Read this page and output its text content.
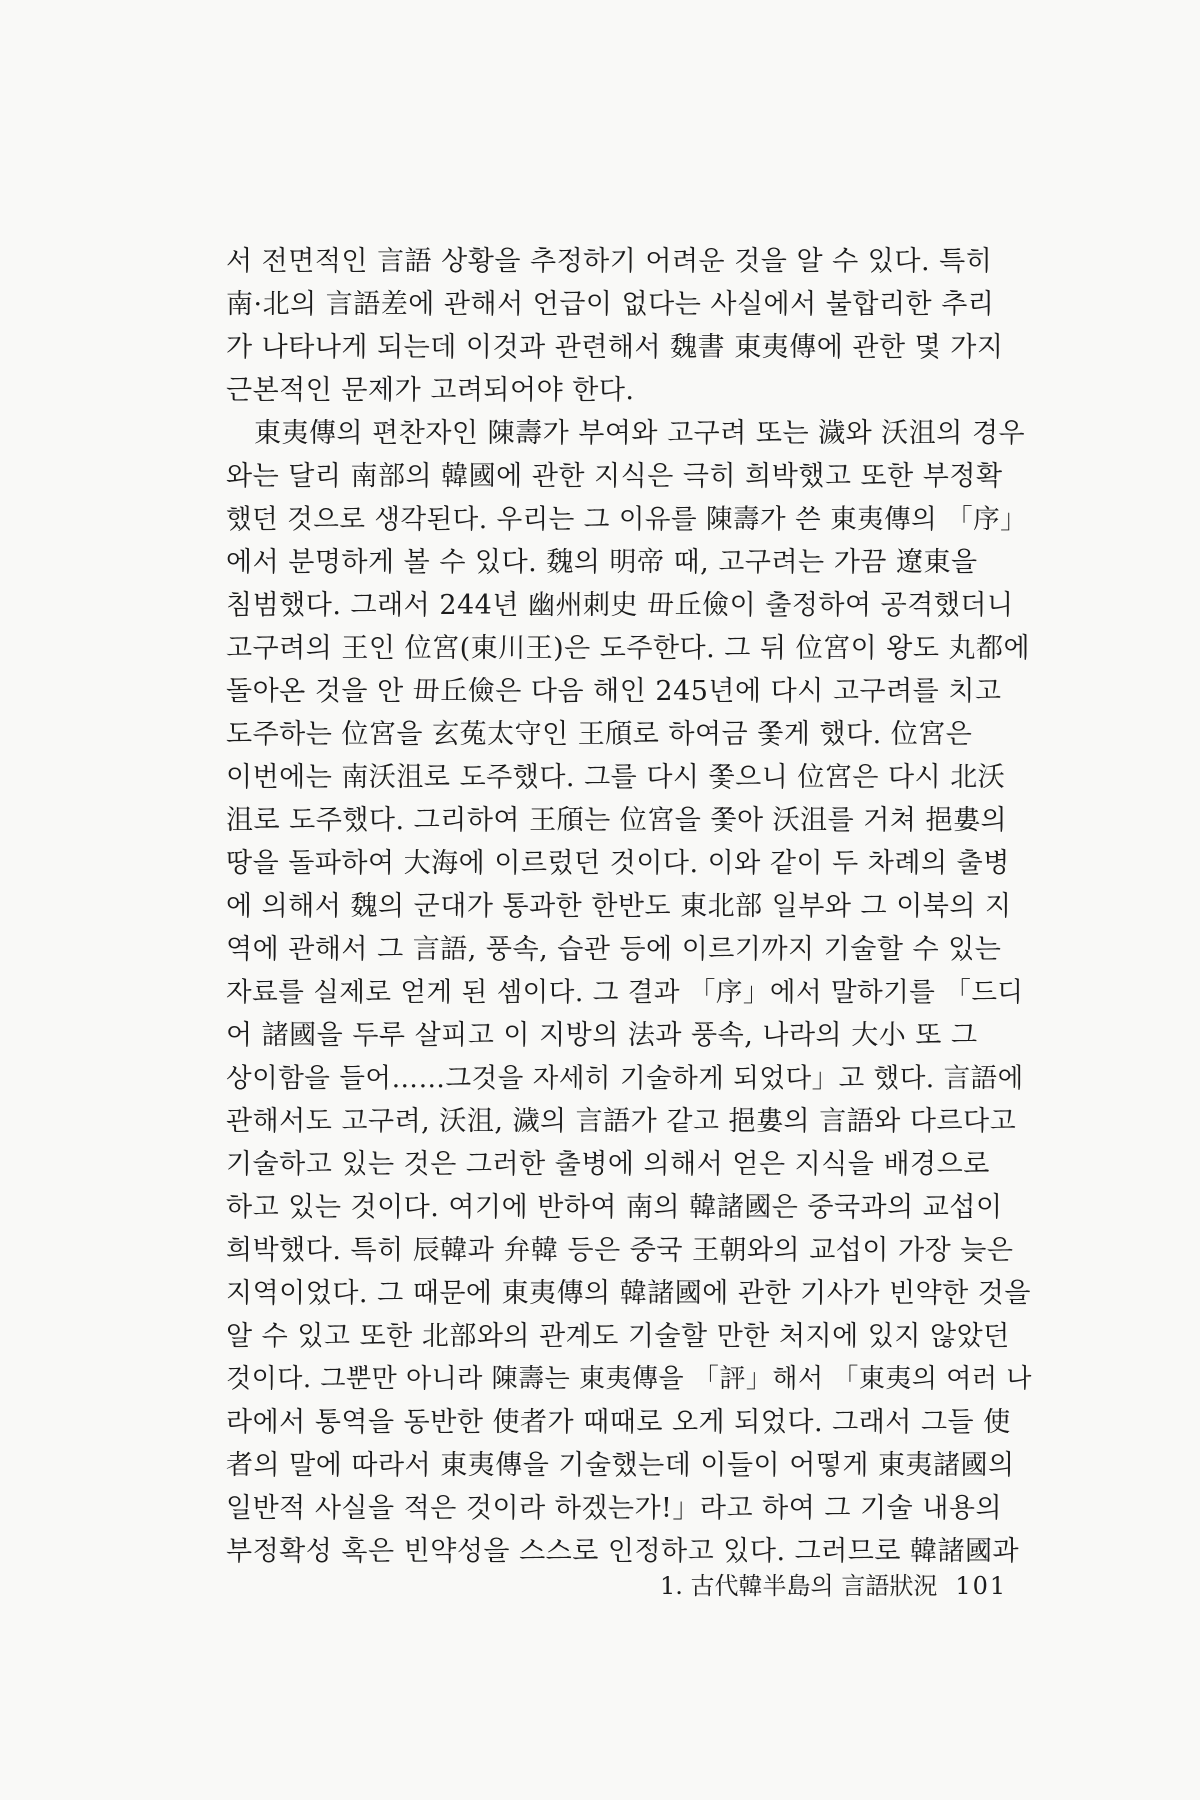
서 전면적인 言語 상황을 추정하기 어려운 것을 알 수 있다. 특히
南·北의 言語差에 관해서 언급이 없다는 사실에서 불합리한 추리
가 나타나게 되는데 이것과 관련해서 魏書 東夷傳에 관한 몇 가지
근본적인 문제가 고려되어야 한다.
東夷傳의 편찬자인 陳壽가 부여와 고구려 또는 濊와 沃沮의 경우
와는 달리 南部의 韓國에 관한 지식은 극히 희박했고 또한 부정확
했던 것으로 생각된다. 우리는 그 이유를 陳壽가 쓴 東夷傳의 「序」
에서 분명하게 볼 수 있다. 魏의 明帝 때, 고구려는 가끔 遼東을
침범했다. 그래서 244년 幽州刺史 毌丘儉이 출정하여 공격했더니
고구려의 王인 位宮(東川王)은 도주한다. 그 뒤 位宮이 왕도 丸都에
돌아온 것을 안 毌丘儉은 다음 해인 245년에 다시 고구려를 치고
도주하는 位宮을 玄菟太守인 王頎로 하여금 쫓게 했다. 位宮은
이번에는 南沃沮로 도주했다. 그를 다시 쫓으니 位宮은 다시 北沃
沮로 도주했다. 그리하여 王頎는 位宮을 쫓아 沃沮를 거쳐 挹婁의
땅을 돌파하여 大海에 이르렀던 것이다. 이와 같이 두 차례의 출병
에 의해서 魏의 군대가 통과한 한반도 東北部 일부와 그 이북의 지
역에 관해서 그 言語, 풍속, 습관 등에 이르기까지 기술할 수 있는
자료를 실제로 얻게 된 셈이다. 그 결과 「序」에서 말하기를 「드디
어 諸國을 두루 살피고 이 지방의 法과 풍속, 나라의 大小 또 그
상이함을 들어……그것을 자세히 기술하게 되었다」고 했다. 言語에
관해서도 고구려, 沃沮, 濊의 言語가 같고 挹婁의 言語와 다르다고
기술하고 있는 것은 그러한 출병에 의해서 얻은 지식을 배경으로
하고 있는 것이다. 여기에 반하여 南의 韓諸國은 중국과의 교섭이
희박했다. 특히 辰韓과 弁韓 등은 중국 王朝와의 교섭이 가장 늦은
지역이었다. 그 때문에 東夷傳의 韓諸國에 관한 기사가 빈약한 것을
알 수 있고 또한 北部와의 관계도 기술할 만한 처지에 있지 않았던
것이다. 그뿐만 아니라 陳壽는 東夷傳을 「評」해서 「東夷의 여러 나
라에서 통역을 동반한 使者가 때때로 오게 되었다. 그래서 그들 使
者의 말에 따라서 東夷傳을 기술했는데 이들이 어떻게 東夷諸國의
일반적 사실을 적은 것이라 하겠는가!」라고 하여 그 기술 내용의
부정확성 혹은 빈약성을 스스로 인정하고 있다. 그러므로 韓諸國과
1. 古代韓半島의 言語狀況 101
